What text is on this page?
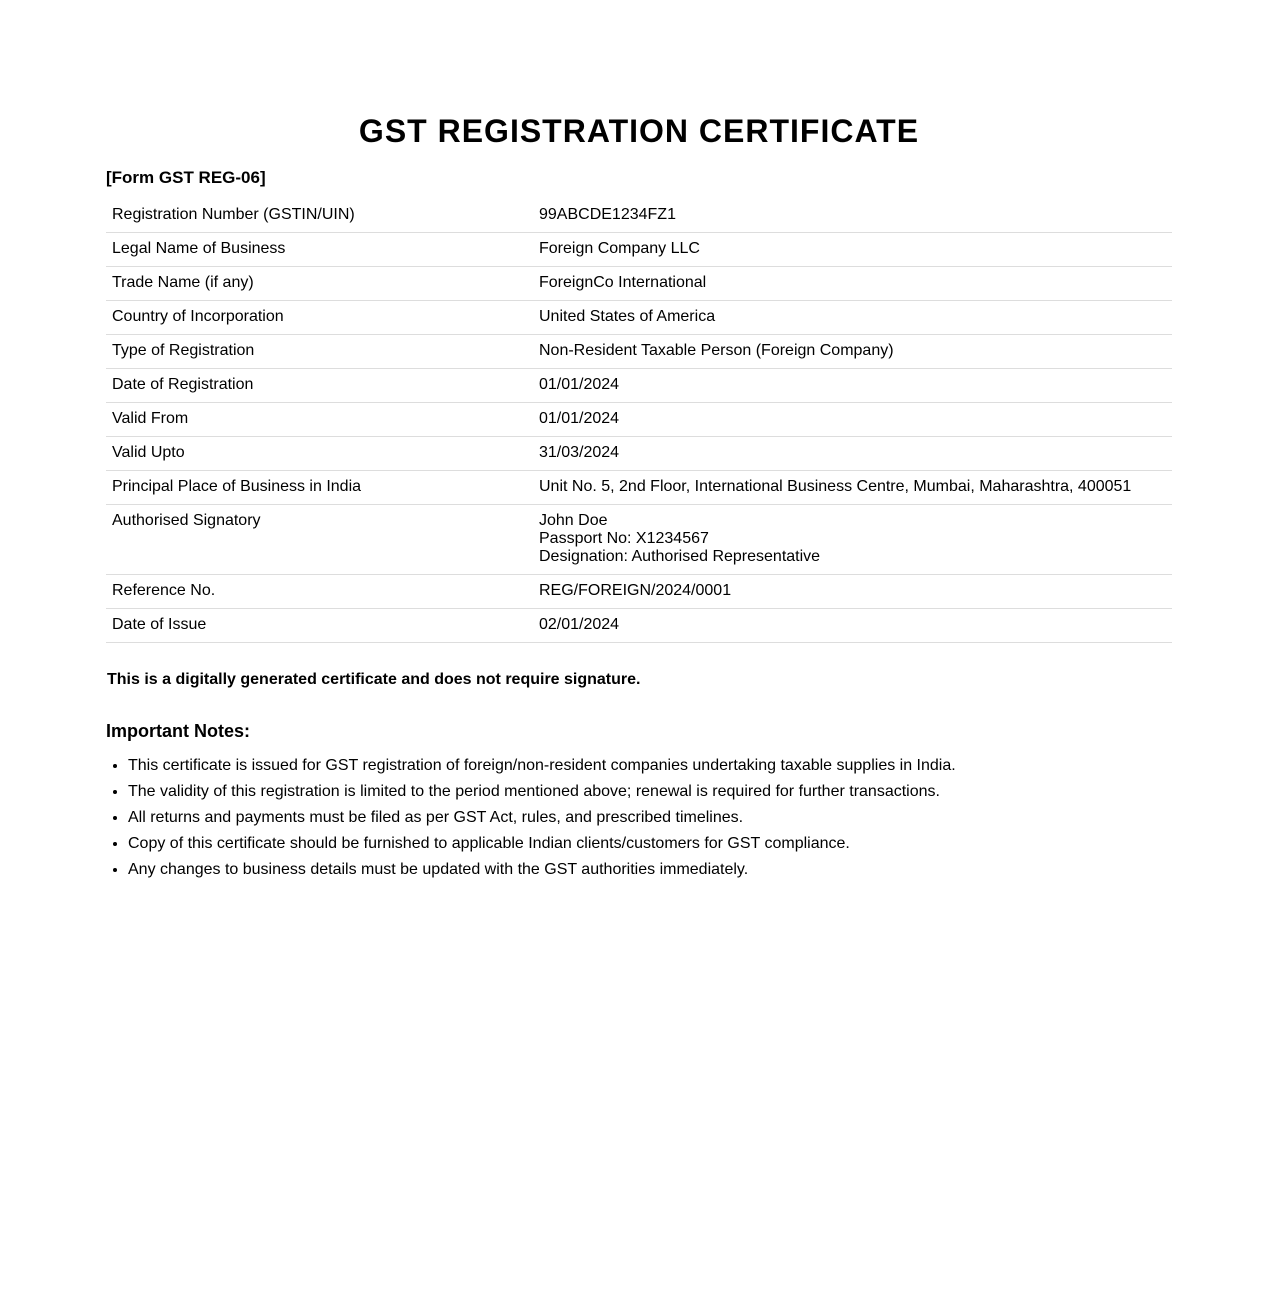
GST REGISTRATION CERTIFICATE

[Form GST REG-06]

Registration Number (GSTIN/UIN)	99ABCDE1234FZ1
Legal Name of Business	Foreign Company LLC
Trade Name (if any)	ForeignCo International
Country of Incorporation	United States of America
Type of Registration	Non-Resident Taxable Person (Foreign Company)
Date of Registration	01/01/2024
Valid From	01/01/2024
Valid Upto	31/03/2024
Principal Place of Business in India	Unit No. 5, 2nd Floor, International Business Centre, Mumbai, Maharashtra, 400051
Authorised Signatory	John Doe
Passport No: X1234567
Designation: Authorised Representative

Reference No.	REG/FOREIGN/2024/0001
Date of Issue	02/01/2024

This is a digitally generated certificate and does not require signature.

Important Notes:
• This certificate is issued for GST registration of foreign/non-resident companies undertaking taxable supplies in India.
• The validity of this registration is limited to the period mentioned above; renewal is required for further transactions.
• All returns and payments must be filed as per GST Act, rules, and prescribed timelines.
• Copy of this certificate should be furnished to applicable Indian clients/customers for GST compliance.
• Any changes to business details must be updated with the GST authorities immediately.
